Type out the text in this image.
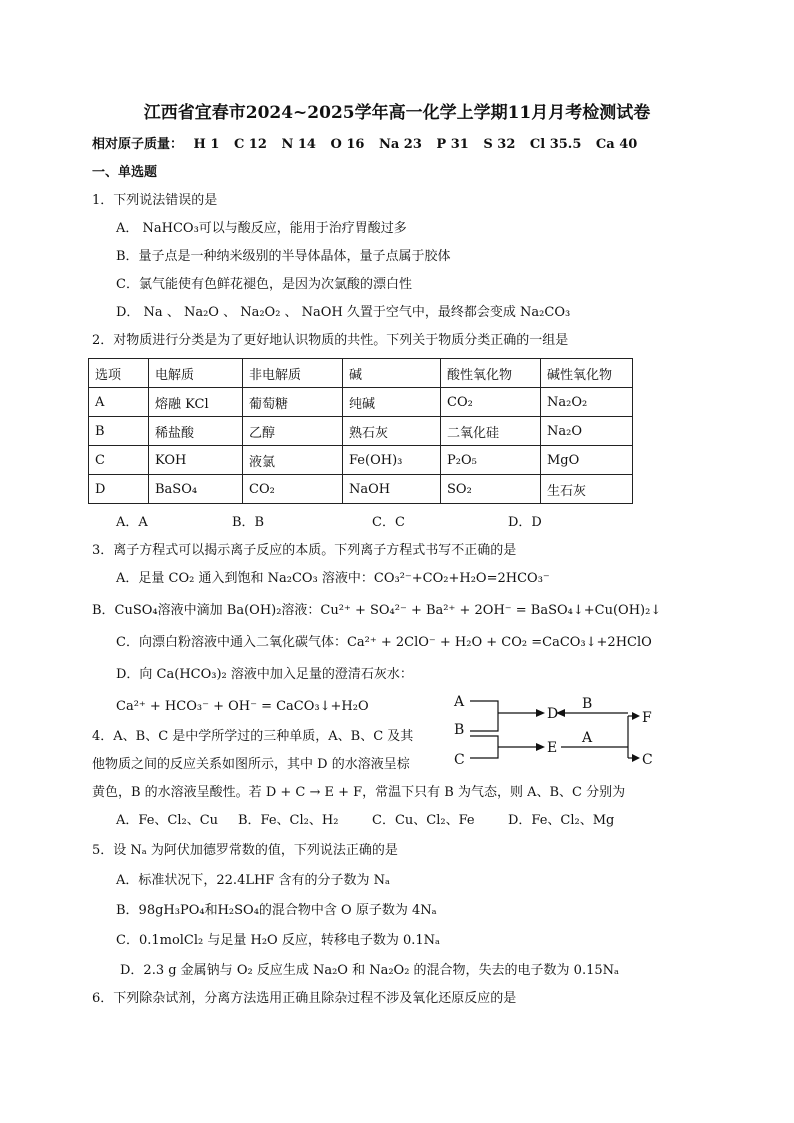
江西省宜春市2024~2025学年高一化学上学期11月月考检测试卷
相对原子质量： H 1 C 12 N 14 O 16 Na 23 P 31 S 32 Cl 35.5 Ca 40
一、单选题
1．下列说法错误的是
A． NaHCO₃可以与酸反应，能用于治疗胃酸过多
B．量子点是一种纳米级别的半导体晶体，量子点属于胶体
C．氯气能使有色鲜花褪色，是因为次氯酸的漂白性
D． Na 、 Na₂O 、 Na₂O₂ 、 NaOH 久置于空气中，最终都会变成 Na₂CO₃
2．对物质进行分类是为了更好地认识物质的共性。下列关于物质分类正确的一组是
选项	电解质	非电解质	碱	酸性氧化物	碱性氧化物
A	熔融 KCl	葡萄糖	纯碱	CO₂	Na₂O₂
B	稀盐酸	乙醇	熟石灰	二氧化硅	Na₂O
C	KOH	液氯	Fe(OH)₃	P₂O₅	MgO
D	BaSO₄	CO₂	NaOH	SO₂	生石灰
A．A	B．B	C．C	D．D
3．离子方程式可以揭示离子反应的本质。下列离子方程式书写不正确的是
A．足量 CO₂ 通入到饱和 Na₂CO₃ 溶液中：CO₃²⁻+CO₂+H₂O=2HCO₃⁻
B．CuSO₄溶液中滴加 Ba(OH)₂溶液：Cu²⁺ + SO₄²⁻ + Ba²⁺ + 2OH⁻ = BaSO₄↓+Cu(OH)₂↓
C．向漂白粉溶液中通入二氧化碳气体：Ca²⁺ + 2ClO⁻ + H₂O + CO₂ =CaCO₃↓+2HClO
D．向 Ca(HCO₃)₂ 溶液中加入足量的澄清石灰水：
Ca²⁺ + HCO₃⁻ + OH⁻ = CaCO₃↓+H₂O	A
B
C
D
E
F
B
A
C
4．A、B、C 是中学所学过的三种单质，A、B、C 及其
他物质之间的反应关系如图所示，其中 D 的水溶液呈棕
黄色，B 的水溶液呈酸性。若 D + C → E + F，常温下只有 B 为气态，则 A、B、C 分别为
A．Fe、Cl₂、Cu B．Fe、Cl₂、H₂	C．Cu、Cl₂、Fe	D．Fe、Cl₂、Mg
5．设 Nₐ 为阿伏加德罗常数的值，下列说法正确的是
A．标准状况下，22.4LHF 含有的分子数为 Nₐ
B．98gH₃PO₄和H₂SO₄的混合物中含 O 原子数为 4Nₐ
C．0.1molCl₂ 与足量 H₂O 反应，转移电子数为 0.1Nₐ
D．2.3 g 金属钠与 O₂ 反应生成 Na₂O 和 Na₂O₂ 的混合物，失去的电子数为 0.15Nₐ
6．下列除杂试剂，分离方法选用正确且除杂过程不涉及氧化还原反应的是
